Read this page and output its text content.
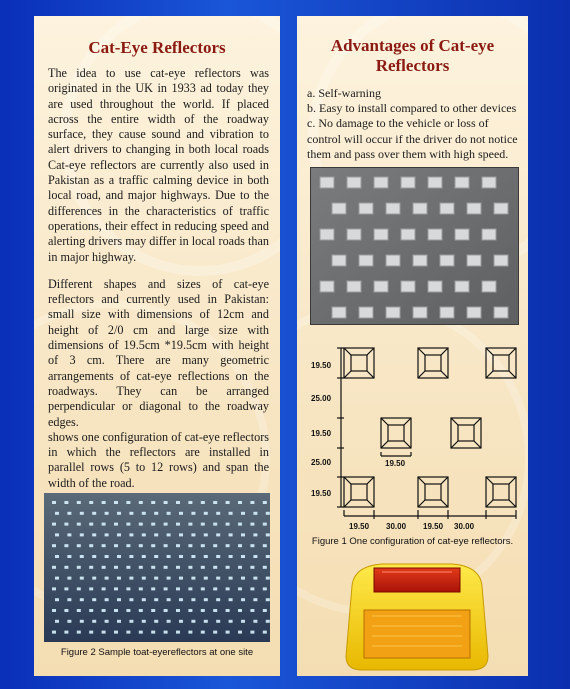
Cat-Eye Reflectors

The idea to use cat-eye reflectors was originated in the UK in 1933 ad today they are used throughout the world. If placed across the entire width of the roadway surface, they cause sound and vibration to alert drivers to changing in both local roads Cat-eye reflectors are currently also used in Pakistan as a traffic calming device in both local road, and major highways. Due to the differences in the characteristics of traffic operations, their effect in reducing speed and alerting drivers may differ in local roads than in major highway.

Different shapes and sizes of cat-eye reflectors and currently used in Pakistan: small size with dimensions of 12cm and height of 2/0 cm and large size with dimensions of 19.5cm *19.5cm with height of 3 cm. There are many geometric arrangements of cat-eye reflections on the roadways. They can be arranged perpendicular or diagonal to the roadway edges.

shows one configuration of cat-eye reflectors in which the reflectors are installed in parallel rows (5 to 12 rows) and span the width of the road.

Figure 2 Sample toat-eyereflectors at one site
Advantages of Cat-eye Reflectors
a. Self-warning
b. Easy to install compared to other devices
c. No damage to the vehicle or loss of control will occur if the driver do not notice them and pass over them with high speed.
19.50
25.00
19.50
25.00
19.50
19.50
19.50 30.00 19.50 30.00
Figure 1 One configuration of cat-eye reflectors.
